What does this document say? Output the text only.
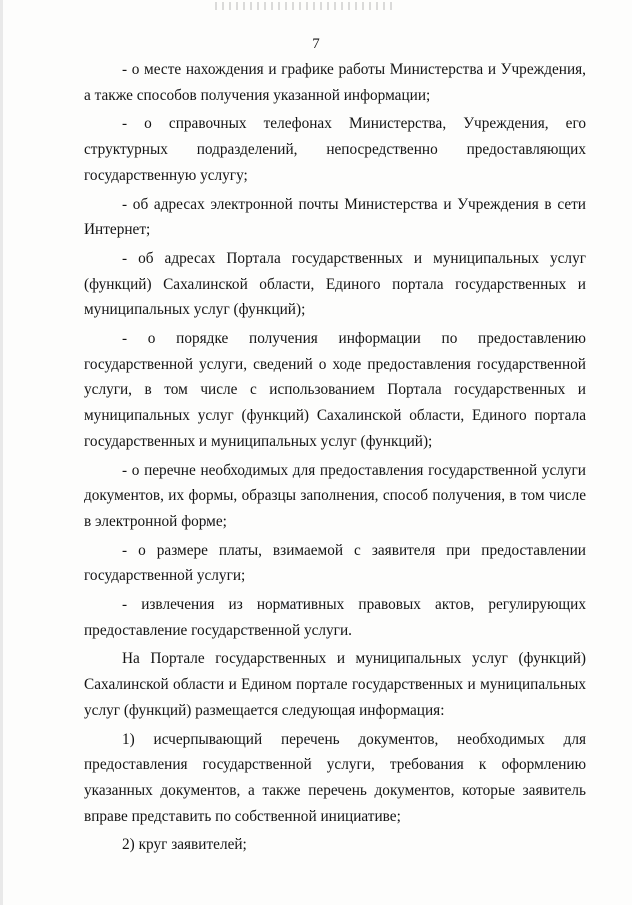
7

- о месте нахождения и графике работы Министерства и Учреждения, а также способов получения указанной информации;

- о справочных телефонах Министерства, Учреждения, его структурных подразделений, непосредственно предоставляющих государственную услугу;

- об адресах электронной почты Министерства и Учреждения в сети Интернет;

- об адресах Портала государственных и муниципальных услуг (функций) Сахалинской области, Единого портала государственных и муниципальных услуг (функций);

- о порядке получения информации по предоставлению государственной услуги, сведений о ходе предоставления государственной услуги, в том числе с использованием Портала государственных и муниципальных услуг (функций) Сахалинской области, Единого портала государственных и муниципальных услуг (функций);

- о перечне необходимых для предоставления государственной услуги документов, их формы, образцы заполнения, способ получения, в том числе в электронной форме;

- о размере платы, взимаемой с заявителя при предоставлении государственной услуги;

- извлечения из нормативных правовых актов, регулирующих предоставление государственной услуги.

На Портале государственных и муниципальных услуг (функций) Сахалинской области и Едином портале государственных и муниципальных услуг (функций) размещается следующая информация:

1) исчерпывающий перечень документов, необходимых для предоставления государственной услуги, требования к оформлению указанных документов, а также перечень документов, которые заявитель вправе представить по собственной инициативе;

2) круг заявителей;
